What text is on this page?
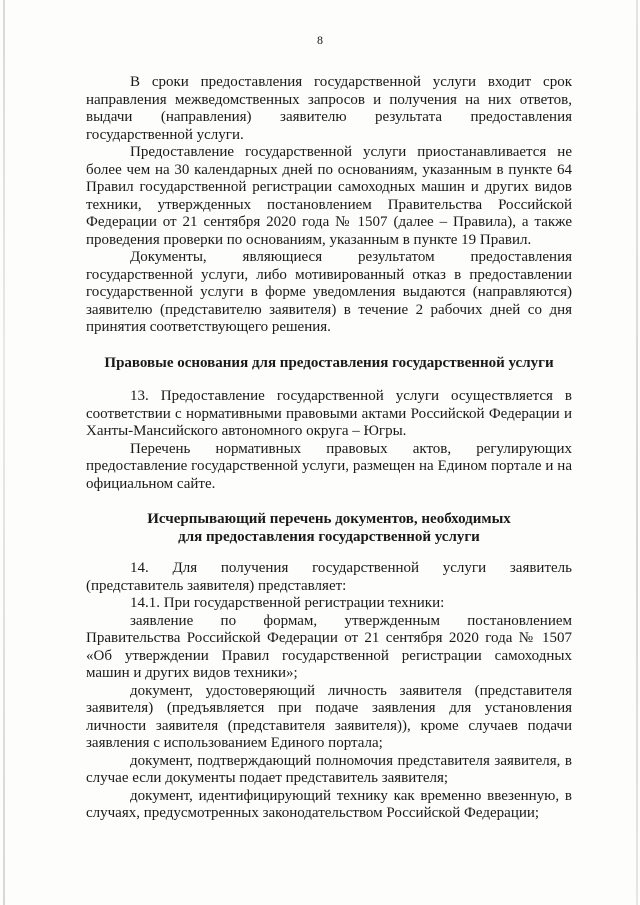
8

В сроки предоставления государственной услуги входит срок направления межведомственных запросов и получения на них ответов, выдачи (направления) заявителю результата предоставления государственной услуги.

Предоставление государственной услуги приостанавливается не более чем на 30 календарных дней по основаниям, указанным в пункте 64 Правил государственной регистрации самоходных машин и других видов техники, утвержденных постановлением Правительства Российской Федерации от 21 сентября 2020 года № 1507 (далее – Правила), а также проведения проверки по основаниям, указанным в пункте 19 Правил.

Документы, являющиеся результатом предоставления государственной услуги, либо мотивированный отказ в предоставлении государственной услуги в форме уведомления выдаются (направляются) заявителю (представителю заявителя) в течение 2 рабочих дней со дня принятия соответствующего решения.

Правовые основания для предоставления государственной услуги

13. Предоставление государственной услуги осуществляется в соответствии с нормативными правовыми актами Российской Федерации и Ханты-Мансийского автономного округа – Югры.

Перечень нормативных правовых актов, регулирующих предоставление государственной услуги, размещен на Едином портале и на официальном сайте.

Исчерпывающий перечень документов, необходимых
для предоставления государственной услуги

14. Для получения государственной услуги заявитель (представитель заявителя) представляет:

14.1. При государственной регистрации техники:

заявление по формам, утвержденным постановлением Правительства Российской Федерации от 21 сентября 2020 года № 1507 «Об утверждении Правил государственной регистрации самоходных машин и других видов техники»;

документ, удостоверяющий личность заявителя (представителя заявителя) (предъявляется при подаче заявления для установления личности заявителя (представителя заявителя)), кроме случаев подачи заявления с использованием Единого портала;

документ, подтверждающий полномочия представителя заявителя, в случае если документы подает представитель заявителя;

документ, идентифицирующий технику как временно ввезенную, в случаях, предусмотренных законодательством Российской Федерации;
